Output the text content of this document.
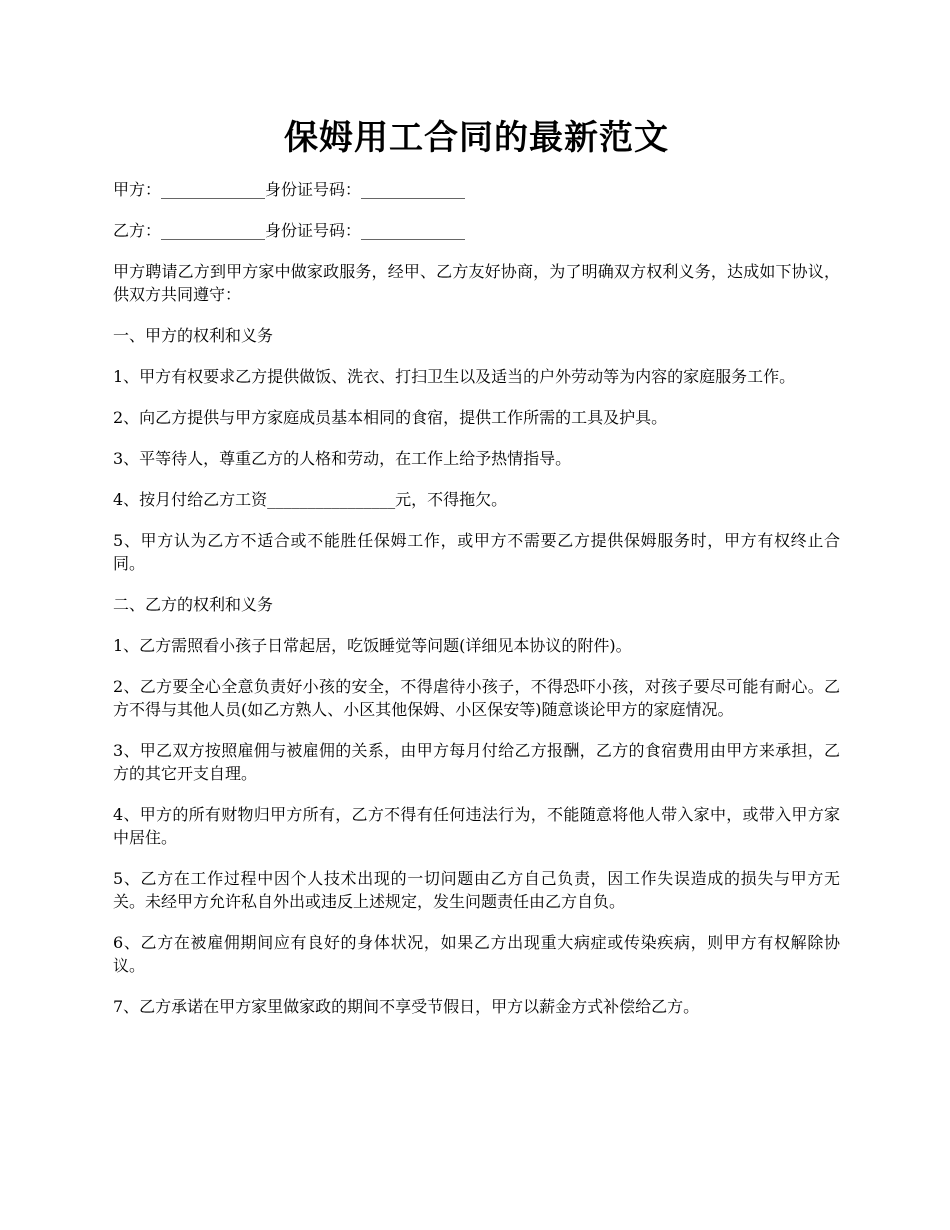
保姆用工合同的最新范文

甲方：_____________身份证号码：_____________

乙方：_____________身份证号码：_____________

甲方聘请乙方到甲方家中做家政服务，经甲、乙方友好协商，为了明确双方权利义务，达成如下协议，供双方共同遵守：

一、甲方的权利和义务

1、甲方有权要求乙方提供做饭、洗衣、打扫卫生以及适当的户外劳动等为内容的家庭服务工作。

2、向乙方提供与甲方家庭成员基本相同的食宿，提供工作所需的工具及护具。

3、平等待人，尊重乙方的人格和劳动，在工作上给予热情指导。

4、按月付给乙方工资________________元，不得拖欠。

5、甲方认为乙方不适合或不能胜任保姆工作，或甲方不需要乙方提供保姆服务时，甲方有权终止合同。

二、乙方的权利和义务

1、乙方需照看小孩子日常起居，吃饭睡觉等问题(详细见本协议的附件)。

2、乙方要全心全意负责好小孩的安全，不得虐待小孩子，不得恐吓小孩，对孩子要尽可能有耐心。乙方不得与其他人员(如乙方熟人、小区其他保姆、小区保安等)随意谈论甲方的家庭情况。

3、甲乙双方按照雇佣与被雇佣的关系，由甲方每月付给乙方报酬，乙方的食宿费用由甲方来承担，乙方的其它开支自理。

4、甲方的所有财物归甲方所有，乙方不得有任何违法行为，不能随意将他人带入家中，或带入甲方家中居住。

5、乙方在工作过程中因个人技术出现的一切问题由乙方自己负责，因工作失误造成的损失与甲方无关。未经甲方允许私自外出或违反上述规定，发生问题责任由乙方自负。

6、乙方在被雇佣期间应有良好的身体状况，如果乙方出现重大病症或传染疾病，则甲方有权解除协议。

7、乙方承诺在甲方家里做家政的期间不享受节假日，甲方以薪金方式补偿给乙方。
